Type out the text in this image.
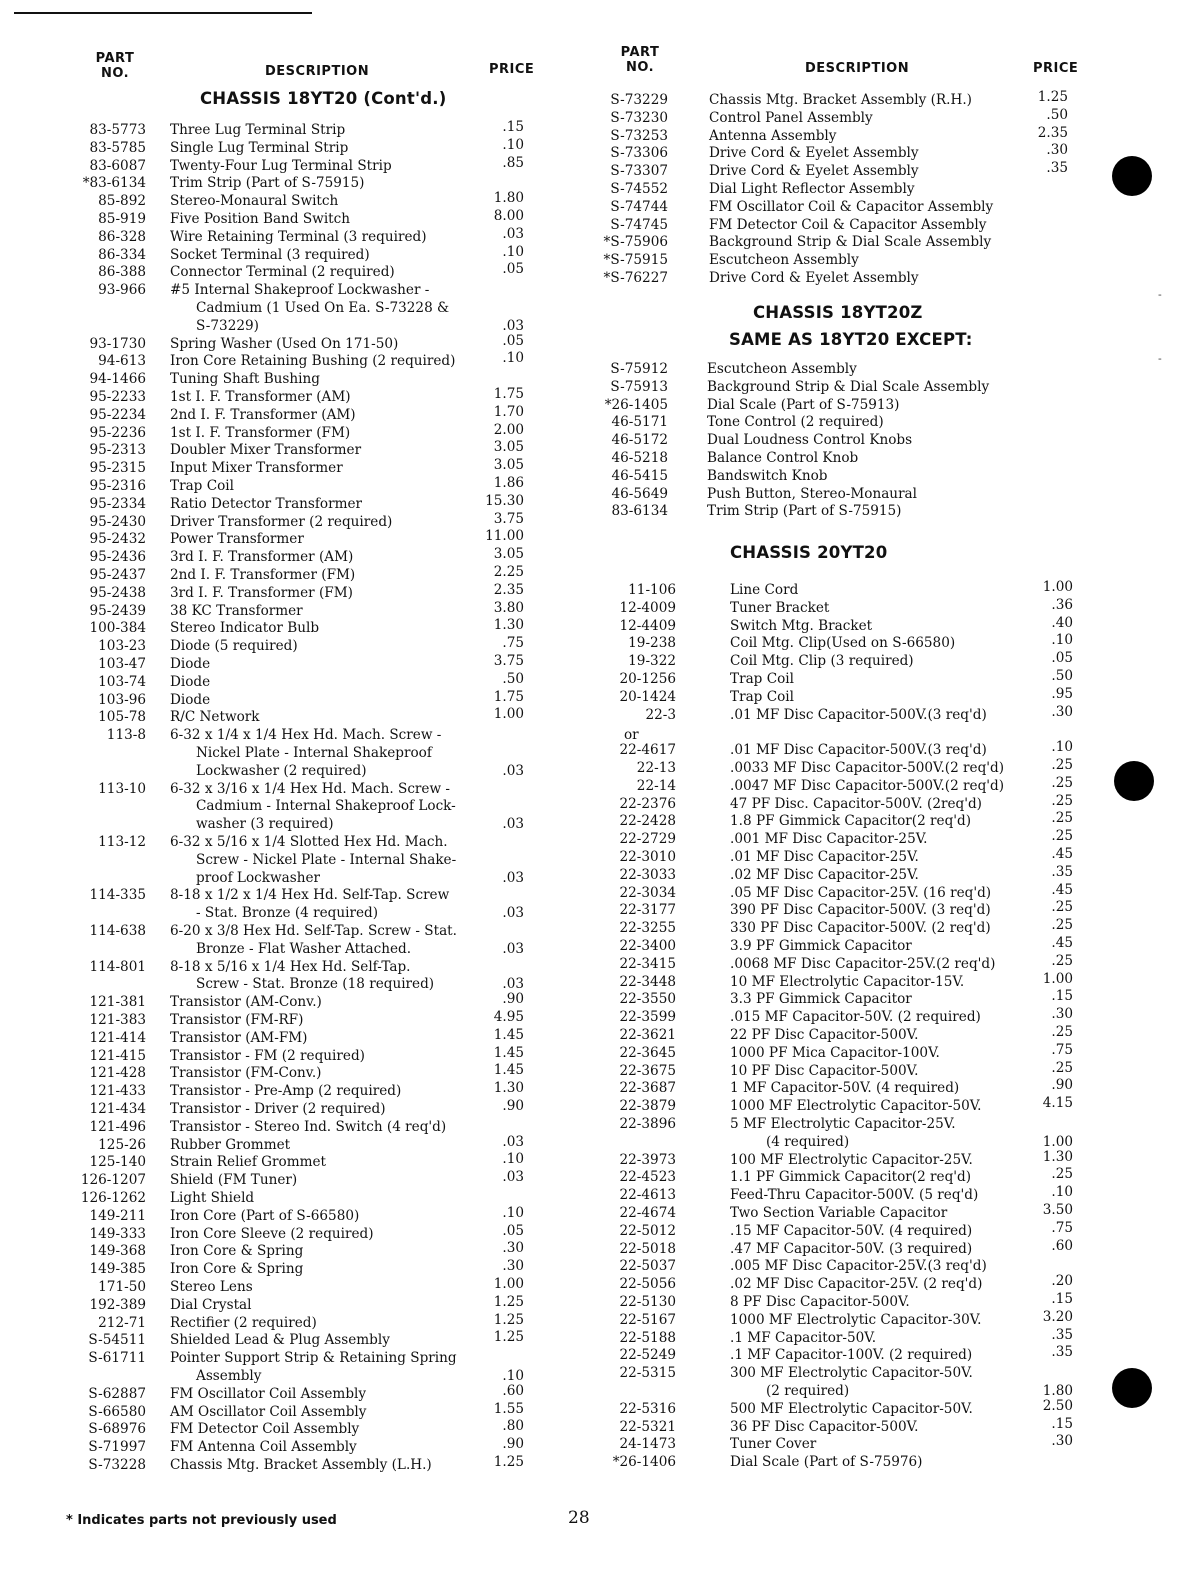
PART
NO.	DESCRIPTION	PRICE
CHASSIS 18YT20 (Cont'd.)
83-5773 Three Lug Terminal Strip	.15
83-5785 Single Lug Terminal Strip	.10
83-6087 Twenty-Four Lug Terminal Strip	.85
*83-6134 Trim Strip (Part of S-75915)
85-892 Stereo-Monaural Switch	1.80
85-919 Five Position Band Switch	8.00
86-328 Wire Retaining Terminal (3 required)	.03
86-334 Socket Terminal (3 required)	.10
86-388 Connector Terminal (2 required)	.05
93-966 #5 Internal Shakeproof Lockwasher -
Cadmium (1 Used On Ea. S-73228 &
S-73229)	.03
93-1730 Spring Washer (Used On 171-50)	.05
94-613 Iron Core Retaining Bushing (2 required)	.10
94-1466 Tuning Shaft Bushing
95-2233 1st I. F. Transformer (AM)	1.75
95-2234 2nd I. F. Transformer (AM)	1.70
95-2236 1st I. F. Transformer (FM)	2.00
95-2313 Doubler Mixer Transformer	3.05
95-2315 Input Mixer Transformer	3.05
95-2316 Trap Coil	1.86
95-2334 Ratio Detector Transformer	15.30
95-2430 Driver Transformer (2 required)	3.75
95-2432 Power Transformer	11.00
95-2436 3rd I. F. Transformer (AM)	3.05
95-2437 2nd I. F. Transformer (FM)	2.25
95-2438 3rd I. F. Transformer (FM)	2.35
95-2439 38 KC Transformer	3.80
100-384 Stereo Indicator Bulb	1.30
103-23 Diode (5 required)	.75
103-47 Diode	3.75
103-74 Diode	.50
103-96 Diode	1.75
105-78 R/C Network	1.00
113-8 6-32 x 1/4 x 1/4 Hex Hd. Mach. Screw -
Nickel Plate - Internal Shakeproof
Lockwasher (2 required)	.03
113-10 6-32 x 3/16 x 1/4 Hex Hd. Mach. Screw -
Cadmium - Internal Shakeproof Lock-
washer (3 required)	.03
113-12 6-32 x 5/16 x 1/4 Slotted Hex Hd. Mach.
Screw - Nickel Plate - Internal Shake-
proof Lockwasher	.03
114-335 8-18 x 1/2 x 1/4 Hex Hd. Self-Tap. Screw
- Stat. Bronze (4 required)	.03
114-638 6-20 x 3/8 Hex Hd. Self-Tap. Screw - Stat.
Bronze - Flat Washer Attached.	.03
114-801 8-18 x 5/16 x 1/4 Hex Hd. Self-Tap.
Screw - Stat. Bronze (18 required)	.03
121-381 Transistor (AM-Conv.)	.90
121-383 Transistor (FM-RF)	4.95
121-414 Transistor (AM-FM)	1.45
121-415 Transistor - FM (2 required)	1.45
121-428 Transistor (FM-Conv.)	1.45
121-433 Transistor - Pre-Amp (2 required)	1.30
121-434 Transistor - Driver (2 required)	.90
121-496 Transistor - Stereo Ind. Switch (4 req'd)
125-26 Rubber Grommet	.03
125-140 Strain Relief Grommet	.10
126-1207 Shield (FM Tuner)	.03
126-1262 Light Shield
149-211 Iron Core (Part of S-66580)	.10
149-333 Iron Core Sleeve (2 required)	.05
149-368 Iron Core & Spring	.30
149-385 Iron Core & Spring	.30
171-50 Stereo Lens	1.00
192-389 Dial Crystal	1.25
212-71 Rectifier (2 required)	1.25
S-54511 Shielded Lead & Plug Assembly	1.25
S-61711 Pointer Support Strip & Retaining Spring
Assembly	.10
S-62887 FM Oscillator Coil Assembly	.60
S-66580 AM Oscillator Coil Assembly	1.55
S-68976 FM Detector Coil Assembly	.80
S-71997 FM Antenna Coil Assembly	.90
S-73228 Chassis Mtg. Bracket Assembly (L.H.)	1.25
PART
NO.	DESCRIPTION	PRICE
S-73229	Chassis Mtg. Bracket Assembly (R.H.)	1.25
S-73230	Control Panel Assembly	.50
S-73253	Antenna Assembly	2.35
S-73306	Drive Cord & Eyelet Assembly	.30
S-73307	Drive Cord & Eyelet Assembly	.35
S-74552	Dial Light Reflector Assembly
S-74744	FM Oscillator Coil & Capacitor Assembly
S-74745	FM Detector Coil & Capacitor Assembly
*S-75906	Background Strip & Dial Scale Assembly
*S-75915	Escutcheon Assembly
*S-76227	Drive Cord & Eyelet Assembly
CHASSIS 18YT20Z
SAME AS 18YT20 EXCEPT:
S-75912	Escutcheon Assembly
S-75913	Background Strip & Dial Scale Assembly
*26-1405	Dial Scale (Part of S-75913)
46-5171	Tone Control (2 required)
46-5172	Dual Loudness Control Knobs
46-5218	Balance Control Knob
46-5415	Bandswitch Knob
46-5649	Push Button, Stereo-Monaural
83-6134	Trim Strip (Part of S-75915)
CHASSIS 20YT20
11-106	Line Cord	1.00
12-4009	Tuner Bracket	.36
12-4409	Switch Mtg. Bracket	.40
19-238	Coil Mtg. Clip(Used on S-66580)	.10
19-322	Coil Mtg. Clip (3 required)	.05
20-1256	Trap Coil	.50
20-1424	Trap Coil	.95
22-3	.01 MF Disc Capacitor-500V.(3 req'd)	.30
22-4617	.01 MF Disc Capacitor-500V.(3 req'd)	.10
22-13	.0033 MF Disc Capacitor-500V.(2 req'd)	.25
22-14	.0047 MF Disc Capacitor-500V.(2 req'd)	.25
22-2376	47 PF Disc. Capacitor-500V. (2req'd)	.25
22-2428	1.8 PF Gimmick Capacitor(2 req'd)	.25
22-2729	.001 MF Disc Capacitor-25V.	.25
22-3010	.01 MF Disc Capacitor-25V.	.45
22-3033	.02 MF Disc Capacitor-25V.	.35
22-3034	.05 MF Disc Capacitor-25V. (16 req'd)	.45
22-3177	390 PF Disc Capacitor-500V. (3 req'd)	.25
22-3255	330 PF Disc Capacitor-500V. (2 req'd)	.25
22-3400	3.9 PF Gimmick Capacitor	.45
22-3415	.0068 MF Disc Capacitor-25V.(2 req'd)	.25
22-3448	10 MF Electrolytic Capacitor-15V.	1.00
22-3550	3.3 PF Gimmick Capacitor	.15
22-3599	.015 MF Capacitor-50V. (2 required)	.30
22-3621	22 PF Disc Capacitor-500V.	.25
22-3645	1000 PF Mica Capacitor-100V.	.75
22-3675	10 PF Disc Capacitor-500V.	.25
22-3687	1 MF Capacitor-50V. (4 required)	.90
22-3879	1000 MF Electrolytic Capacitor-50V.	4.15
22-3896	5 MF Electrolytic Capacitor-25V.
(4 required)	1.00
22-3973	100 MF Electrolytic Capacitor-25V.	1.30
22-4523	1.1 PF Gimmick Capacitor(2 req'd)	.25
22-4613	Feed-Thru Capacitor-500V. (5 req'd)	.10
22-4674	Two Section Variable Capacitor	3.50
22-5012	.15 MF Capacitor-50V. (4 required)	.75
22-5018	.47 MF Capacitor-50V. (3 required)	.60
22-5037	.005 MF Disc Capacitor-25V.(3 req'd)
22-5056	.02 MF Disc Capacitor-25V. (2 req'd)	.20
22-5130	8 PF Disc Capacitor-500V.	.15
22-5167	1000 MF Electrolytic Capacitor-30V.	3.20
22-5188	.1 MF Capacitor-50V.	.35
22-5249	.1 MF Capacitor-100V. (2 required)	.35
22-5315	300 MF Electrolytic Capacitor-50V.
(2 required)	1.80
22-5316	500 MF Electrolytic Capacitor-50V.	2.50
22-5321	36 PF Disc Capacitor-500V.	.15
24-1473	Tuner Cover	.30
*26-1406	Dial Scale (Part of S-75976)
or
-
-
* Indicates parts not previously used	28
